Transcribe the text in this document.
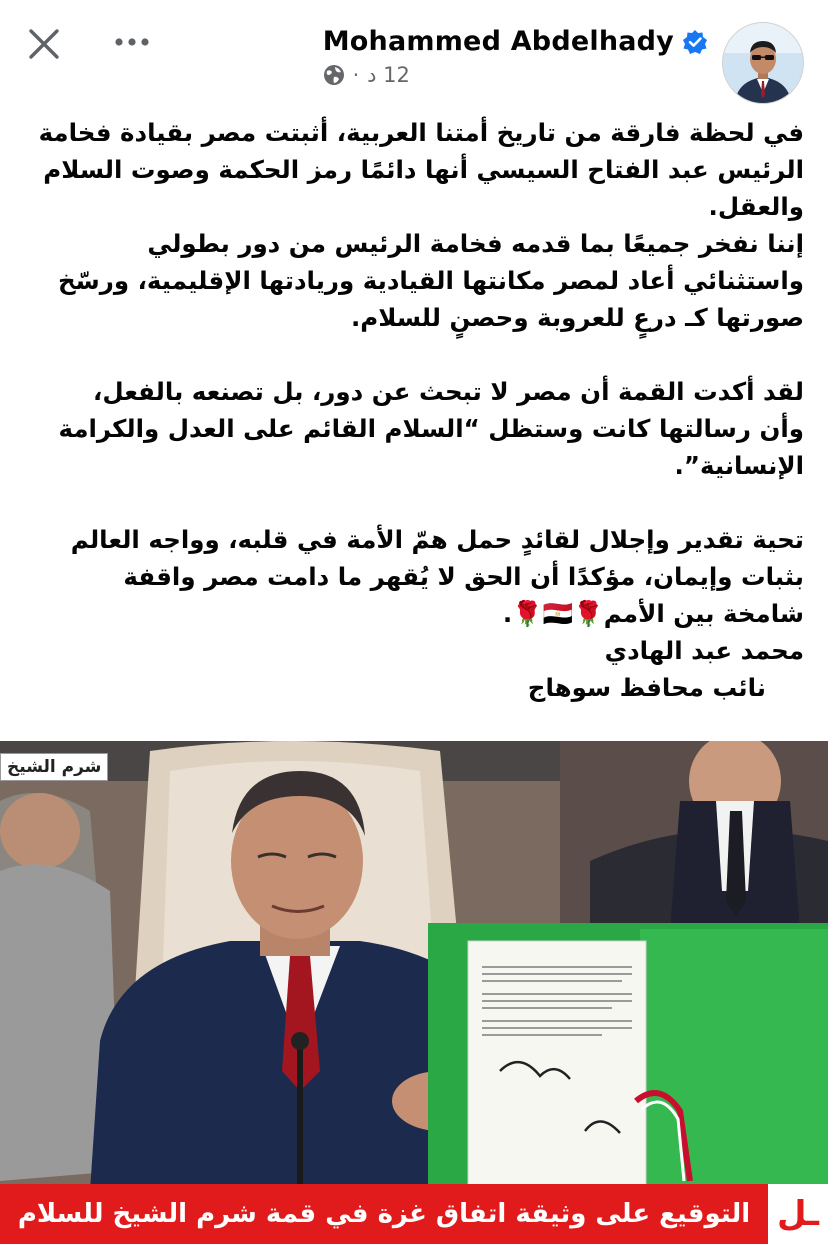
Mohammed Abdelhady
12 د
·

في لحظة فارقة من تاريخ أمتنا العربية، أثبتت مصر بقيادة فخامة
الرئيس عبد الفتاح السيسي أنها دائمًا رمز الحكمة وصوت السلام
والعقل.

إننا نفخر جميعًا بما قدمه فخامة الرئيس من دور بطولي
واستثنائي أعاد لمصر مكانتها القيادية وريادتها الإقليمية، ورسّخ
صورتها كـ درعٍ للعروبة وحصنٍ للسلام.

لقد أكدت القمة أن مصر لا تبحث عن دور، بل تصنعه بالفعل،
وأن رسالتها كانت وستظل “السلام القائم على العدل والكرامة
الإنسانية”.

تحية تقدير وإجلال لقائدٍ حمل همّ الأمة في قلبه، وواجه العالم
بثبات وإيمان، مؤكدًا أن الحق لا يُقهر ما دامت مصر واقفة
شامخة بين الأمم🌹🇪🇬🌹.

محمد عبد الهادي

نائب محافظ سوهاج

شرم الشيخ
التوقيع على وثيقة اتفاق غزة في قمة شرم الشيخ للسلام ـل
